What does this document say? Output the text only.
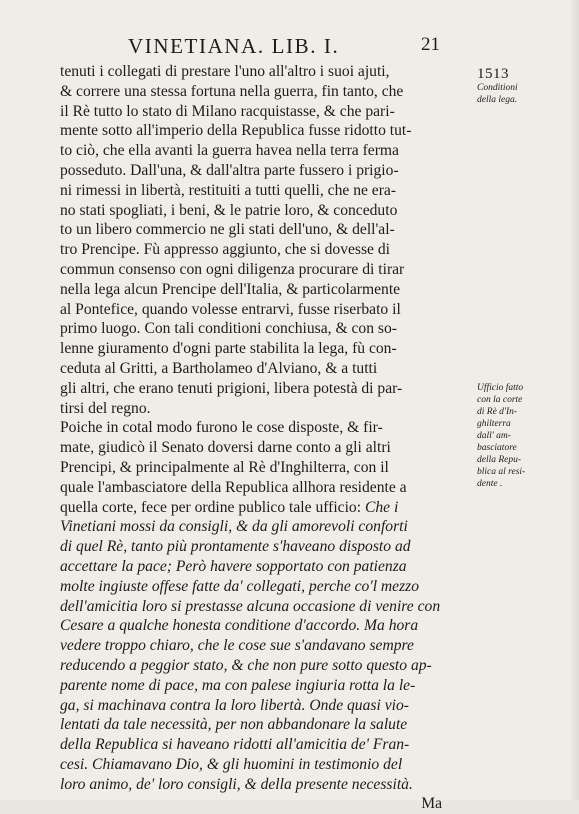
VINETIANA. LIB. I.	21
1513
Conditioni
della lega.
Ufficio fatto
con la corte
di Rè d'In-
ghilterra
dall' am-
basciatore
della Repu-
blica al resi-
dente .
tenuti i collegati di prestare l'uno all'altro i suoi ajuti,
& correre una stessa fortuna nella guerra, fin tanto, che
il Rè tutto lo stato di Milano racquistasse, & che pari-
mente sotto all'imperio della Republica fusse ridotto tut-
to ciò, che ella avanti la guerra havea nella terra ferma
posseduto. Dall'una, & dall'altra parte fussero i prigio-
ni rimessi in libertà, restituiti a tutti quelli, che ne era-
no stati spogliati, i beni, & le patrie loro, & conceduto
to un libero commercio ne gli stati dell'uno, & dell'al-
tro Prencipe. Fù appresso aggiunto, che si dovesse di
commun consenso con ogni diligenza procurare di tirar
nella lega alcun Prencipe dell'Italia, & particolarmente
al Pontefice, quando volesse entrarvi, fusse riserbato il
primo luogo. Con tali conditioni conchiusa, & con so-
lenne giuramento d'ogni parte stabilita la lega, fù con-
ceduta al Gritti, a Bartholameo d'Alviano, & a tutti
gli altri, che erano tenuti prigioni, libera potestà di par-
tirsi del regno.
Poiche in cotal modo furono le cose disposte, & fir-
mate, giudicò il Senato doversi darne conto a gli altri
Prencipi, & principalmente al Rè d'Inghilterra, con il
quale l'ambasciatore della Republica allhora residente a
quella corte, fece per ordine publico tale ufficio: Che i
Vinetiani mossi da consigli, & da gli amorevoli conforti
di quel Rè, tanto più prontamente s'haveano disposto ad
accettare la pace; Però havere sopportato con patienza
molte ingiuste offese fatte da' collegati, perche co'l mezzo
dell'amicitia loro si prestasse alcuna occasione di venire con
Cesare a qualche honesta conditione d'accordo. Ma hora
vedere troppo chiaro, che le cose sue s'andavano sempre
reducendo a peggior stato, & che non pure sotto questo ap-
parente nome di pace, ma con palese ingiuria rotta la le-
ga, si machinava contra la loro libertà. Onde quasi vio-
lentati da tale necessità, per non abbandonare la salute
della Republica si haveano ridotti all'amicitia de' Fran-
cesi. Chiamavano Dio, & gli huomini in testimonio del
loro animo, de' loro consigli, & della presente necessità.
Ma
